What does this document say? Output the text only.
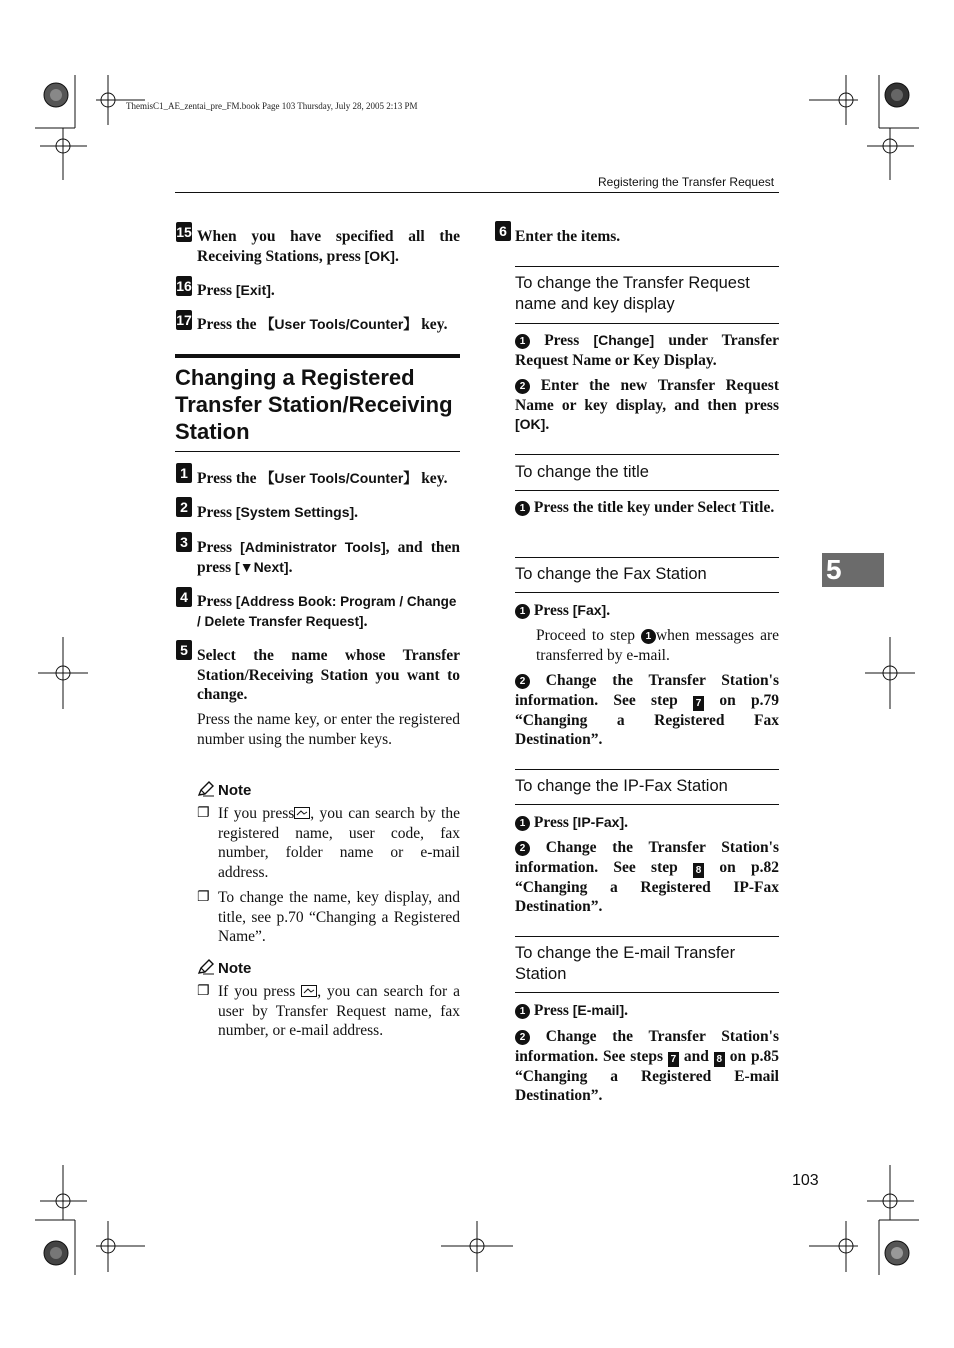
ThemisC1_AE_zentai_pre_FM.book Page 103 Thursday, July 28, 2005 2:13 PM
Registering the Transfer Request
15 When you have specified all the Receiving Stations, press [OK].
16 Press [Exit].
17 Press the 【User Tools/Counter】 key.
Changing a Registered Transfer Station/Receiving Station
1 Press the 【User Tools/Counter】 key.
2 Press [System Settings].
3 Press [Administrator Tools], and then press [▼Next].
4 Press [Address Book: Program / Change / Delete Transfer Request].
5 Select the name whose Transfer Station/Receiving Station you want to change.
Press the name key, or enter the registered number using the number keys.
Note
❐ If you press , you can search by the registered name, user code, fax number, folder name or e-mail address.
❐ To change the name, key display, and title, see p.70 “Changing a Registered Name”.
Note
❐ If you press , you can search for a user by Transfer Request name, fax number, or e-mail address.
6 Enter the items.
To change the Transfer Request name and key display
1 Press [Change] under Transfer Request Name or Key Display.
2 Enter the new Transfer Request Name or key display, and then press [OK].
To change the title
1 Press the title key under Select Title.
To change the Fax Station
1 Press [Fax].
Proceed to step 1 when messages are transferred by e-mail.
2 Change the Transfer Station's information. See step 7 on p.79 “Changing a Registered Fax Destination”.
To change the IP-Fax Station
1 Press [IP-Fax].
2 Change the Transfer Station's information. See step 8 on p.82 “Changing a Registered IP-Fax Destination”.
To change the E-mail Transfer Station
1 Press [E-mail].
2 Change the Transfer Station's information. See steps 7 and 8 on p.85 “Changing a Registered E-mail Destination”.
5
103
